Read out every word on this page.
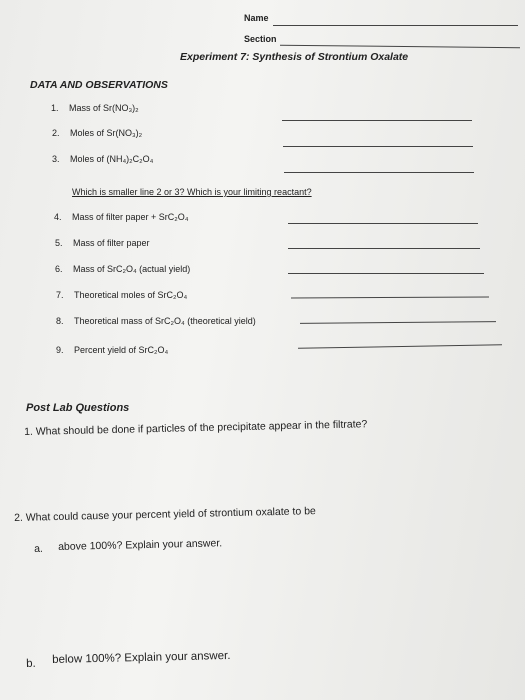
Name
Section
Experiment 7: Synthesis of Strontium Oxalate
DATA AND OBSERVATIONS
1. Mass of Sr(NO₃)₂
2. Moles of Sr(NO₃)₂
3. Moles of (NH₄)₂C₂O₄
Which is smaller line 2 or 3? Which is your limiting reactant?
4. Mass of filter paper + SrC₂O₄
5. Mass of filter paper
6. Mass of SrC₂O₄ (actual yield)
7. Theoretical moles of SrC₂O₄
8. Theoretical mass of SrC₂O₄ (theoretical yield)
9. Percent yield of SrC₂O₄
Post Lab Questions
1. What should be done if particles of the precipitate appear in the filtrate?
2. What could cause your percent yield of strontium oxalate to be
a. above 100%? Explain your answer.
b. below 100%? Explain your answer.
